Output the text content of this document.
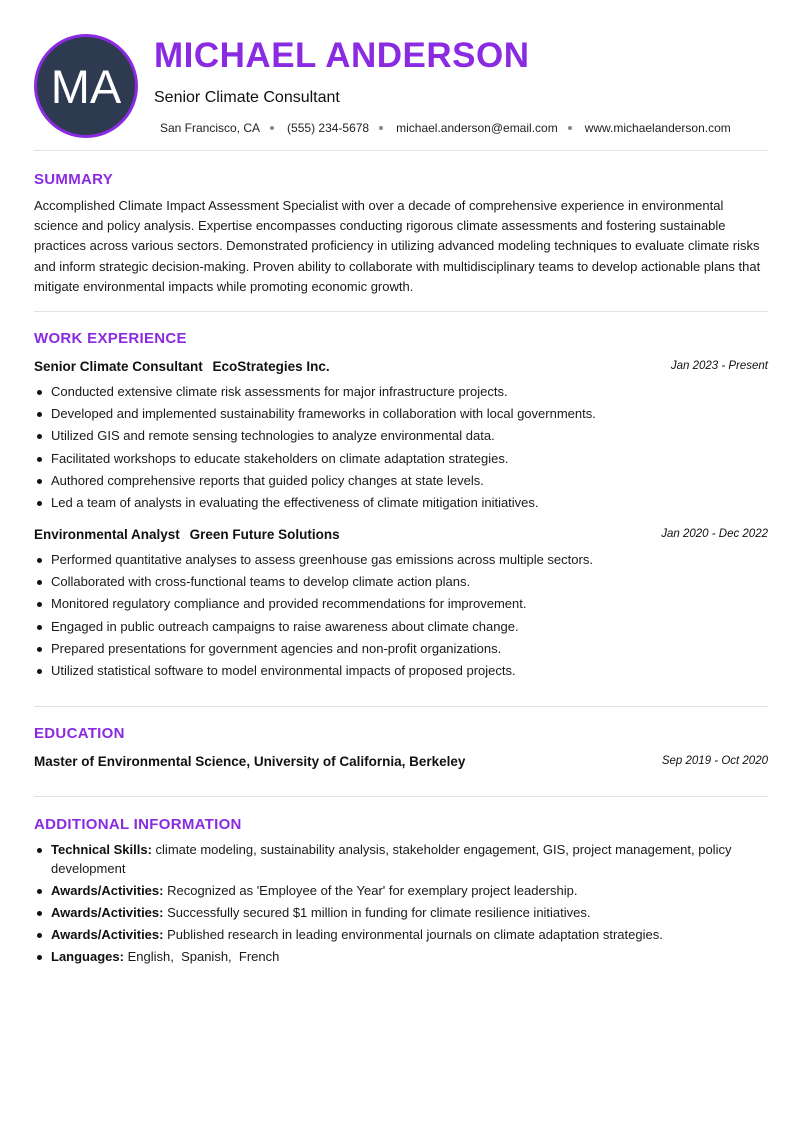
MA
MICHAEL ANDERSON
Senior Climate Consultant
San Francisco, CA (555) 234-5678 michael.anderson@email.com www.michaelanderson.com
SUMMARY

Accomplished Climate Impact Assessment Specialist with over a decade of comprehensive experience in environmental science and policy analysis. Expertise encompasses conducting rigorous climate assessments and fostering sustainable practices across various sectors. Demonstrated proficiency in utilizing advanced modeling techniques to evaluate climate risks and inform strategic decision-making. Proven ability to collaborate with multidisciplinary teams to develop actionable plans that mitigate environmental impacts while promoting economic growth.

WORK EXPERIENCE
Senior Climate Consultant EcoStrategies Inc.	Jan 2023 - Present
Conducted extensive climate risk assessments for major infrastructure projects.
Developed and implemented sustainability frameworks in collaboration with local governments.
Utilized GIS and remote sensing technologies to analyze environmental data.
Facilitated workshops to educate stakeholders on climate adaptation strategies.
Authored comprehensive reports that guided policy changes at state levels.
Led a team of analysts in evaluating the effectiveness of climate mitigation initiatives.
Environmental Analyst Green Future Solutions	Jan 2020 - Dec 2022
Performed quantitative analyses to assess greenhouse gas emissions across multiple sectors.
Collaborated with cross-functional teams to develop climate action plans.
Monitored regulatory compliance and provided recommendations for improvement.
Engaged in public outreach campaigns to raise awareness about climate change.
Prepared presentations for government agencies and non-profit organizations.
Utilized statistical software to model environmental impacts of proposed projects.
EDUCATION
Master of Environmental Science, University of California, Berkeley	Sep 2019 - Oct 2020
ADDITIONAL INFORMATION
Technical Skills: climate modeling, sustainability analysis, stakeholder engagement, GIS, project management, policy development
Awards/Activities: Recognized as 'Employee of the Year' for exemplary project leadership.
Awards/Activities: Successfully secured $1 million in funding for climate resilience initiatives.
Awards/Activities: Published research in leading environmental journals on climate adaptation strategies.
Languages: English,  Spanish,  French
